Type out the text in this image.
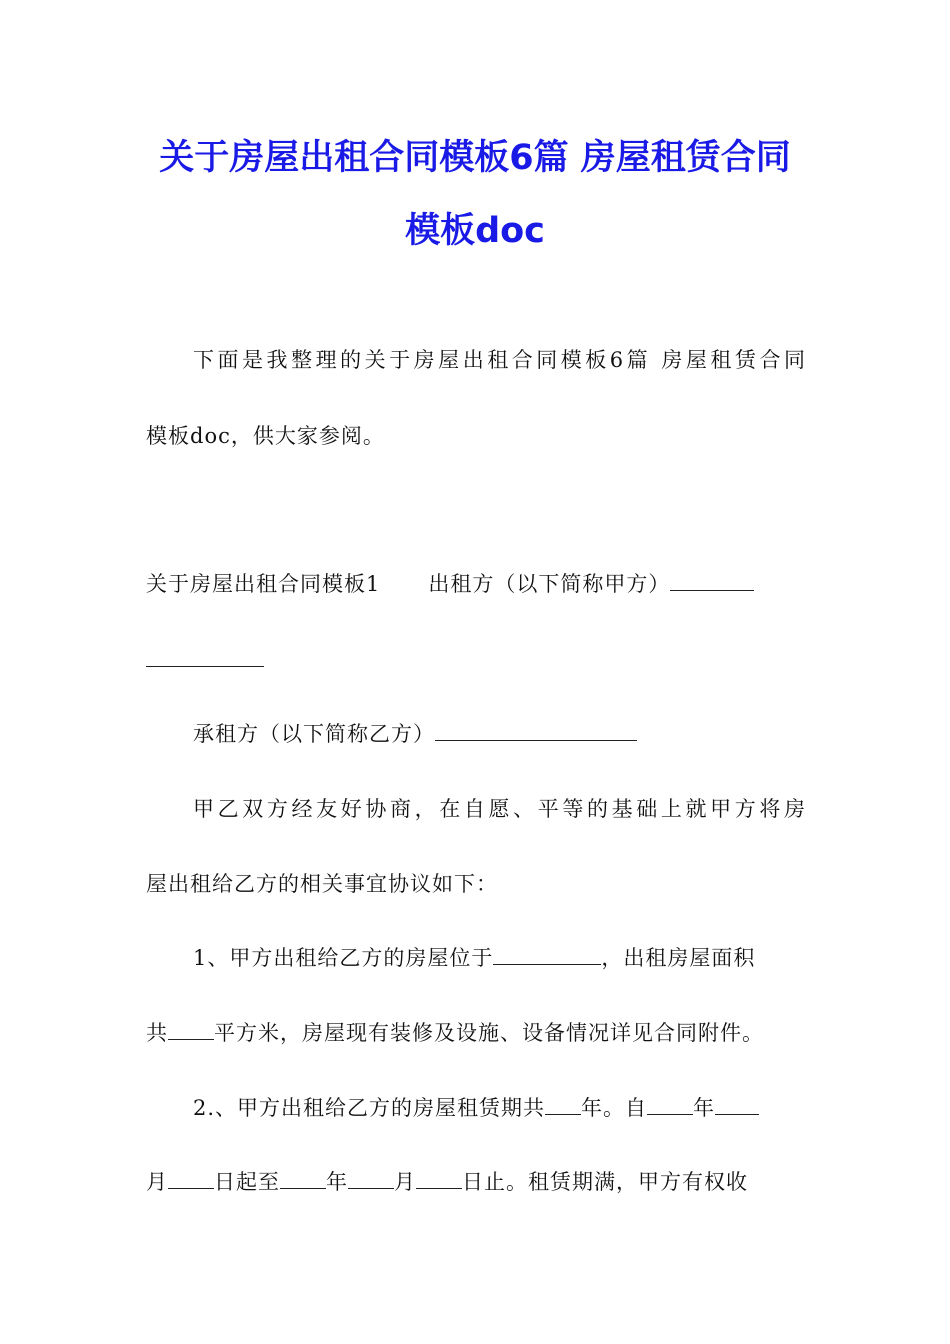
关于房屋出租合同模板6篇 房屋租赁合同
模板doc
下面是我整理的关于房屋出租合同模板6篇 房屋租赁合同
模板doc，供大家参阅。
关于房屋出租合同模板1 出租方（以下简称甲方）
承租方（以下简称乙方）
甲乙双方经友好协商，在自愿、平等的基础上就甲方将房
屋出租给乙方的相关事宜协议如下：
1、甲方出租给乙方的房屋位于	，出租房屋面积
共 平方米，房屋现有装修及设施、设备情况详见合同附件。
2.、甲方出租给乙方的房屋租赁期共 年。自 年
月 日起至 年 月 日止。租赁期满，甲方有权收
